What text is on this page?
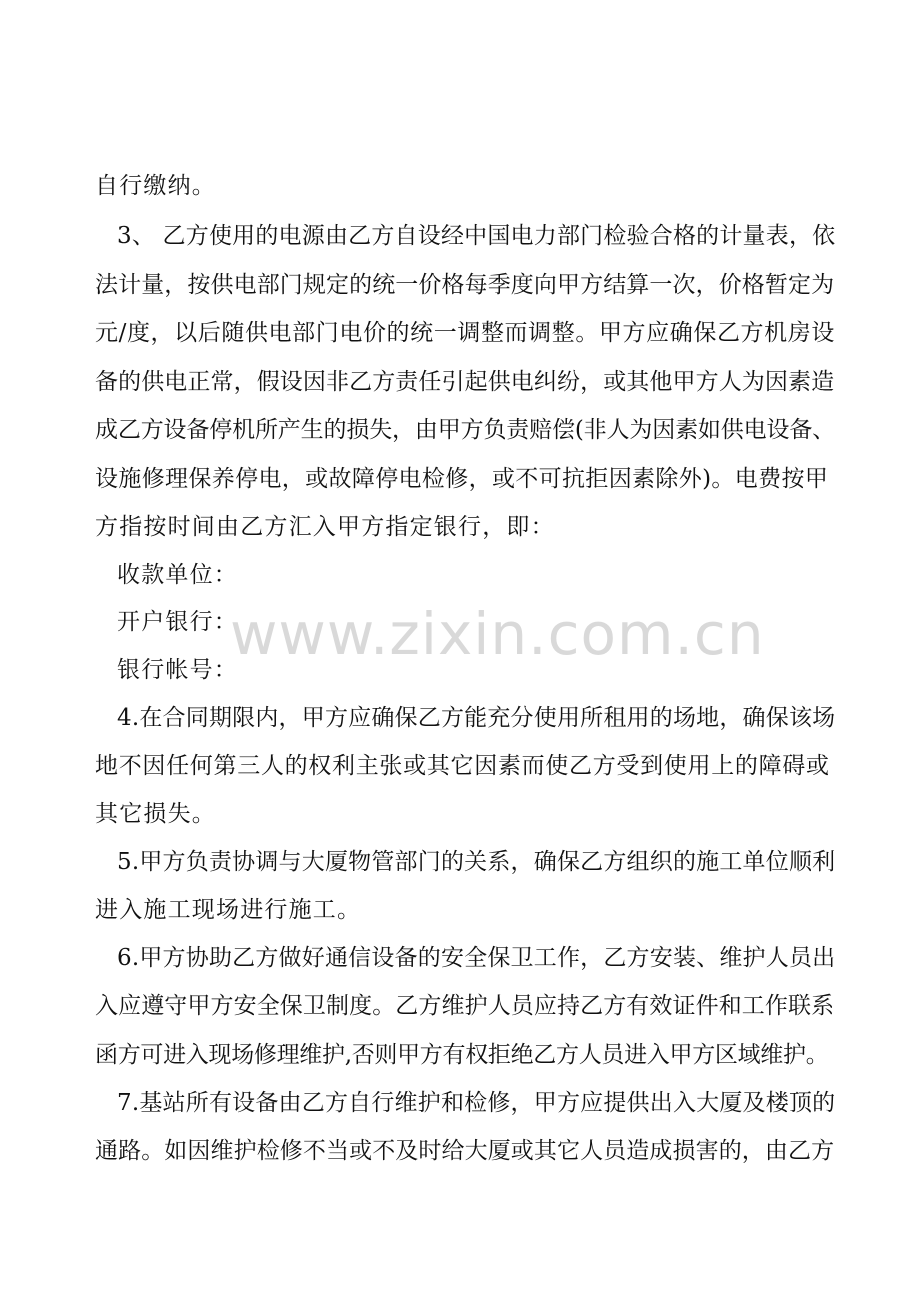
自行缴纳。
3、 乙方使用的电源由乙方自设经中国电力部门检验合格的计量表，依
法计量，按供电部门规定的统一价格每季度向甲方结算一次，价格暂定为
元/度，以后随供电部门电价的统一调整而调整。甲方应确保乙方机房设
备的供电正常，假设因非乙方责任引起供电纠纷，或其他甲方人为因素造
成乙方设备停机所产生的损失，由甲方负责赔偿(非人为因素如供电设备、
设施修理保养停电，或故障停电检修，或不可抗拒因素除外)。电费按甲
方指按时间由乙方汇入甲方指定银行，即：
收款单位：
开户银行：
银行帐号：
4.在合同期限内，甲方应确保乙方能充分使用所租用的场地，确保该场
地不因任何第三人的权利主张或其它因素而使乙方受到使用上的障碍或
其它损失。
5.甲方负责协调与大厦物管部门的关系，确保乙方组织的施工单位顺利
进入施工现场进行施工。
6.甲方协助乙方做好通信设备的安全保卫工作，乙方安装、维护人员出
入应遵守甲方安全保卫制度。乙方维护人员应持乙方有效证件和工作联系
函方可进入现场修理维护,否则甲方有权拒绝乙方人员进入甲方区域维护。
7.基站所有设备由乙方自行维护和检修，甲方应提供出入大厦及楼顶的
通路。如因维护检修不当或不及时给大厦或其它人员造成损害的，由乙方
www.zixin.com.cn
